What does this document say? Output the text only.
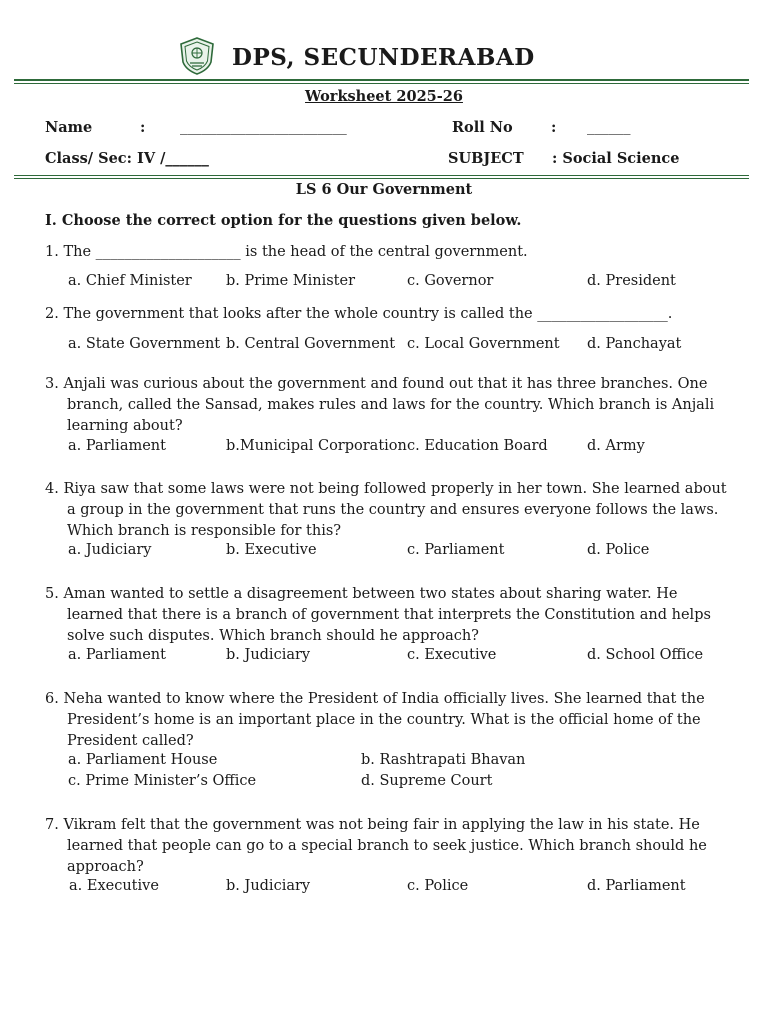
DPS, SECUNDERABAD
Worksheet 2025-26
Name	: _______________________	Roll No	: ______
Class/ Sec: IV /______	SUBJECT : Social Science
LS 6 Our Government
I. Choose the correct option for the questions given below.
1. The ____________________ is the head of the central government.
a. Chief Minister b. Prime Minister	c. Governor	d. President
2. The government that looks after the whole country is called the __________________.
a. State Government b. Central Government c. Local Government d. Panchayat
3. Anjali was curious about the government and found out that it has three branches. One branch, called the Sansad, makes rules and laws for the country. Which branch is Anjali learning about?
a. Parliament	b.Municipal Corporation c. Education Board	d. Army
4. Riya saw that some laws were not being followed properly in her town. She learned about a group in the government that runs the country and ensures everyone follows the laws. Which branch is responsible for this?
a. Judiciary	b. Executive	c. Parliament	d. Police
5. Aman wanted to settle a disagreement between two states about sharing water. He learned that there is a branch of government that interprets the Constitution and helps solve such disputes. Which branch should he approach?
a. Parliament	b. Judiciary	c. Executive	d. School Office
6. Neha wanted to know where the President of India officially lives. She learned that the President’s home is an important place in the country. What is the official home of the President called?
a. Parliament House	b. Rashtrapati Bhavan
c. Prime Minister’s Office	d. Supreme Court
7. Vikram felt that the government was not being fair in applying the law in his state. He learned that people can go to a special branch to seek justice. Which branch should he approach?
a. Executive	b. Judiciary	c. Police	d. Parliament
